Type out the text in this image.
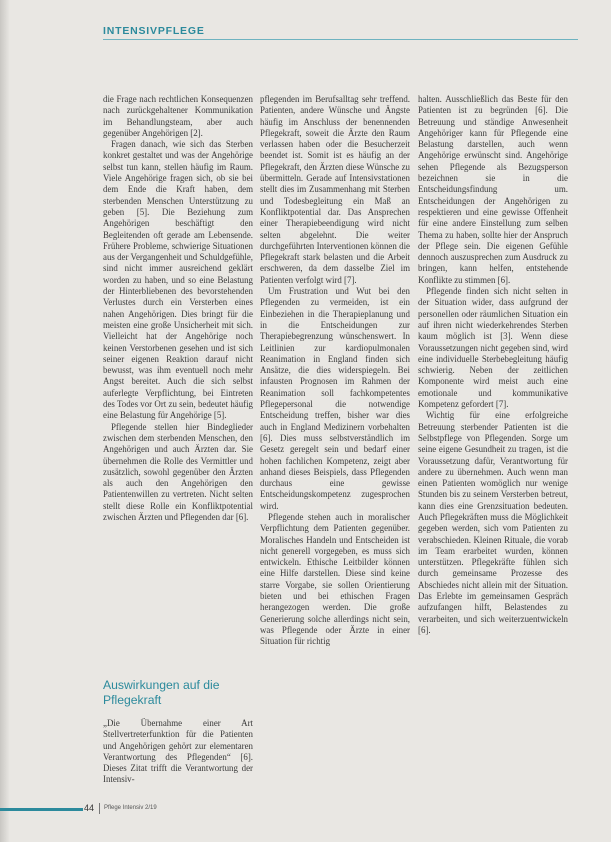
INTENSIVPFLEGE

die Frage nach rechtlichen Konsequenzen nach zurückgehaltener Kommunikation im Behandlungsteam, aber auch gegenüber Angehörigen [2].

Fragen danach, wie sich das Sterben konkret gestaltet und was der Angehörige selbst tun kann, stellen häufig im Raum. Viele Angehörige fragen sich, ob sie bei dem Ende die Kraft haben, dem sterbenden Menschen Unterstützung zu geben [5]. Die Beziehung zum Angehörigen beschäftigt den Begleitenden oft gerade am Lebensende. Frühere Probleme, schwierige Situationen aus der Vergangenheit und Schuldgefühle, sind nicht immer ausreichend geklärt worden zu haben, und so eine Belastung der Hinterbliebenen des bevorstehenden Verlustes durch ein Versterben eines nahen Angehörigen. Dies bringt für die meisten eine große Unsicherheit mit sich. Vielleicht hat der Angehörige noch keinen Verstorbenen gesehen und ist sich seiner eigenen Reaktion darauf nicht bewusst, was ihm eventuell noch mehr Angst bereitet. Auch die sich selbst auferlegte Verpflichtung, bei Eintreten des Todes vor Ort zu sein, bedeutet häufig eine Belastung für Angehörige [5].

Pflegende stellen hier Bindeglieder zwischen dem sterbenden Menschen, den Angehörigen und auch Ärzten dar. Sie übernehmen die Rolle des Vermittler und zusätzlich, sowohl gegenüber den Ärzten als auch den Angehörigen den Patientenwillen zu vertreten. Nicht selten stellt diese Rolle ein Konfliktpotential zwischen Ärzten und Pflegenden dar [6].

Auswirkungen auf die Pflegekraft

„Die Übernahme einer Art Stellvertreterfunktion für die Patienten und Angehörigen gehört zur elementaren Verantwortung des Pflegenden“ [6]. Dieses Zitat trifft die Verantwortung der Intensiv-

pflegenden im Berufsalltag sehr treffend. Patienten, andere Wünsche und Ängste häufig im Anschluss der benennenden Pflegekraft, soweit die Ärzte den Raum verlassen haben oder die Besucherzeit beendet ist. Somit ist es häufig an der Pflegekraft, den Ärzten diese Wünsche zu übermitteln. Gerade auf Intensivstationen stellt dies im Zusammenhang mit Sterben und Todesbegleitung ein Maß an Konfliktpotential dar. Das Ansprechen einer Therapiebeendigung wird nicht selten abgelehnt. Die weiter durchgeführten Interventionen können die Pflegekraft stark belasten und die Arbeit erschweren, da dem dasselbe Ziel im Patienten verfolgt wird [7].

Um Frustration und Wut bei den Pflegenden zu vermeiden, ist ein Einbeziehen in die Therapieplanung und in die Entscheidungen zur Therapiebegrenzung wünschenswert. In Leitlinien zur kardiopulmonalen Reanimation in England finden sich Ansätze, die dies widerspiegeln. Bei infausten Prognosen im Rahmen der Reanimation soll fachkompetentes Pflegepersonal die notwendige Entscheidung treffen, bisher war dies auch in England Medizinern vorbehalten [6]. Dies muss selbstverständlich im Gesetz geregelt sein und bedarf einer hohen fachlichen Kompetenz, zeigt aber anhand dieses Beispiels, dass Pflegenden durchaus eine gewisse Entscheidungskompetenz zugesprochen wird.

Pflegende stehen auch in moralischer Verpflichtung dem Patienten gegenüber. Moralisches Handeln und Entscheiden ist nicht generell vorgegeben, es muss sich entwickeln. Ethische Leitbilder können eine Hilfe darstellen. Diese sind keine starre Vorgabe, sie sollen Orientierung bieten und bei ethischen Fragen herangezogen werden. Die große Generierung solche allerdings nicht sein, was Pflegende oder Ärzte in einer Situation für richtig

halten. Ausschließlich das Beste für den Patienten ist zu begründen [6]. Die Betreuung und ständige Anwesenheit Angehöriger kann für Pflegende eine Belastung darstellen, auch wenn Angehörige erwünscht sind. Angehörige sehen Pflegende als Bezugsperson bezeichnen sie in die Entscheidungsfindung um. Entscheidungen der Angehörigen zu respektieren und eine gewisse Offenheit für eine andere Einstellung zum selben Thema zu haben, sollte hier der Anspruch der Pflege sein. Die eigenen Gefühle dennoch auszusprechen zum Ausdruck zu bringen, kann helfen, entstehende Konflikte zu stimmen [6].

Pflegende finden sich nicht selten in der Situation wider, dass aufgrund der personellen oder räumlichen Situation ein auf ihren nicht wiederkehrendes Sterben kaum möglich ist [3]. Wenn diese Voraussetzungen nicht gegeben sind, wird eine individuelle Sterbebegleitung häufig schwierig. Neben der zeitlichen Komponente wird meist auch eine emotionale und kommunikative Kompetenz gefordert [7].

Wichtig für eine erfolgreiche Betreuung sterbender Patienten ist die Selbstpflege von Pflegenden. Sorge um seine eigene Gesundheit zu tragen, ist die Voraussetzung dafür, Verantwortung für andere zu übernehmen. Auch wenn man einen Patienten womöglich nur wenige Stunden bis zu seinem Versterben betreut, kann dies eine Grenzsituation bedeuten. Auch Pflegekräften muss die Möglichkeit gegeben werden, sich vom Patienten zu verabschieden. Kleinen Rituale, die vorab im Team erarbeitet wurden, können unterstützen. Pflegekräfte fühlen sich durch gemeinsame Prozesse des Abschiedes nicht allein mit der Situation. Das Erlebte im gemeinsamen Gespräch aufzufangen hilft, Belastendes zu verarbeiten, und sich weiterzuentwickeln [6].

44 Pflege Intensiv 2/19
